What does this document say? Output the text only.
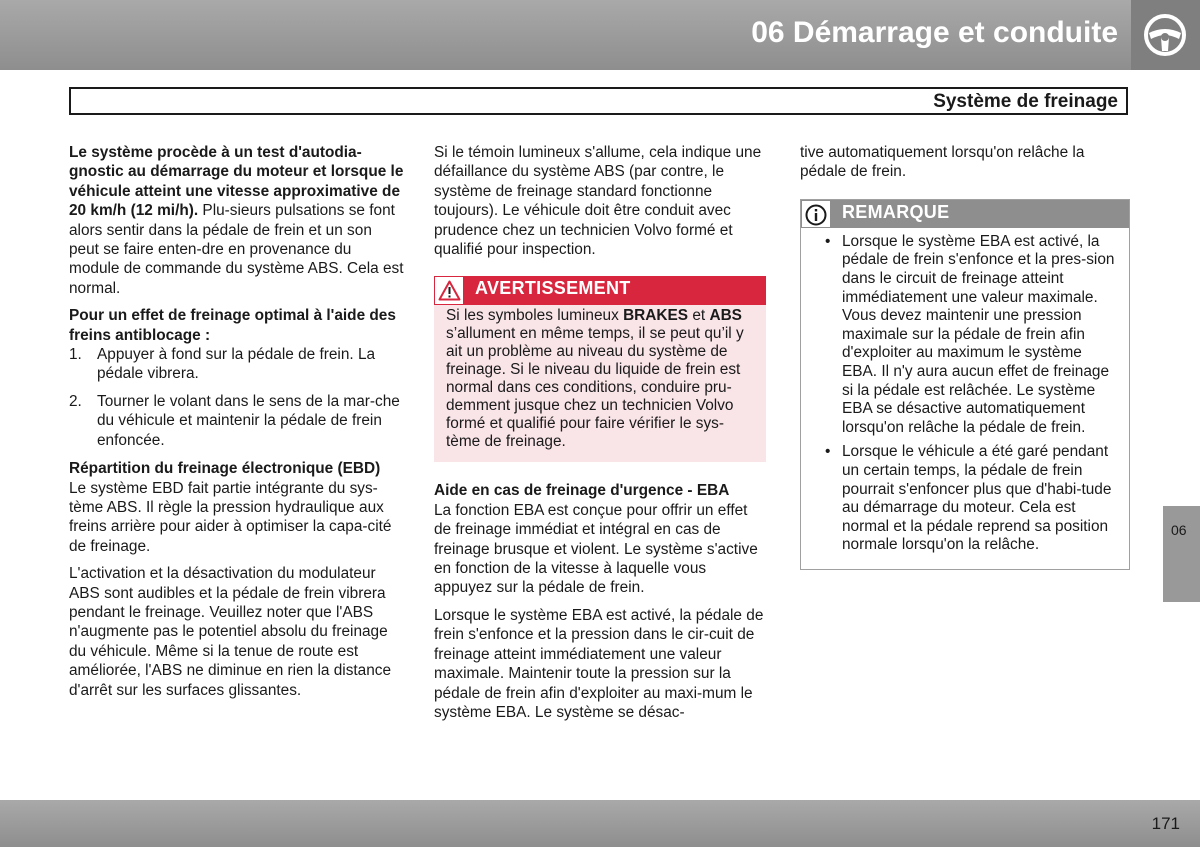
06 Démarrage et conduite
Système de freinage

Le système procède à un test d'autodia-gnostic au démarrage du moteur et lorsque le véhicule atteint une vitesse approximative de 20 km/h (12 mi/h). Plu-sieurs pulsations se font alors sentir dans la pédale de frein et un son peut se faire enten-dre en provenance du module de commande du système ABS. Cela est normal.

Pour un effet de freinage optimal à l'aide des freins antiblocage :
1. Appuyer à fond sur la pédale de frein. La pédale vibrera.
2. Tourner le volant dans le sens de la mar-che du véhicule et maintenir la pédale de frein enfoncée.
Répartition du freinage électronique (EBD)

Le système EBD fait partie intégrante du sys-tème ABS. Il règle la pression hydraulique aux freins arrière pour aider à optimiser la capa-cité de freinage.

L'activation et la désactivation du modulateur ABS sont audibles et la pédale de frein vibrera pendant le freinage. Veuillez noter que l'ABS n'augmente pas le potentiel absolu du freinage du véhicule. Même si la tenue de route est améliorée, l'ABS ne diminue en rien la distance d'arrêt sur les surfaces glissantes.

Si le témoin lumineux s'allume, cela indique une défaillance du système ABS (par contre, le système de freinage standard fonctionne toujours). Le véhicule doit être conduit avec prudence chez un technicien Volvo formé et qualifié pour inspection.

AVERTISSEMENT
Si les symboles lumineux BRAKES et ABS s’allument en même temps, il se peut qu’il y ait un problème au niveau du système de freinage. Si le niveau du liquide de frein est normal dans ces conditions, conduire pru-demment jusque chez un technicien Volvo formé et qualifié pour faire vérifier le sys-tème de freinage.
Aide en cas de freinage d'urgence - EBA

La fonction EBA est conçue pour offrir un effet de freinage immédiat et intégral en cas de freinage brusque et violent. Le système s'active en fonction de la vitesse à laquelle vous appuyez sur la pédale de frein.

Lorsque le système EBA est activé, la pédale de frein s'enfonce et la pression dans le cir-cuit de freinage atteint immédiatement une valeur maximale. Maintenir toute la pression sur la pédale de frein afin d'exploiter au maxi-mum le système EBA. Le système se désac-

tive automatiquement lorsqu'on relâche la pédale de frein.

REMARQUE
• Lorsque le système EBA est activé, la pédale de frein s'enfonce et la pres-sion dans le circuit de freinage atteint immédiatement une valeur maximale. Vous devez maintenir une pression maximale sur la pédale de frein afin d'exploiter au maximum le système EBA. Il n'y aura aucun effet de freinage si la pédale est relâchée. Le système EBA se désactive automatiquement lorsqu'on relâche la pédale de frein.
• Lorsque le véhicule a été garé pendant un certain temps, la pédale de frein pourrait s'enfoncer plus que d'habi-tude au démarrage du moteur. Cela est normal et la pédale reprend sa position normale lorsqu'on la relâche.
06
171
